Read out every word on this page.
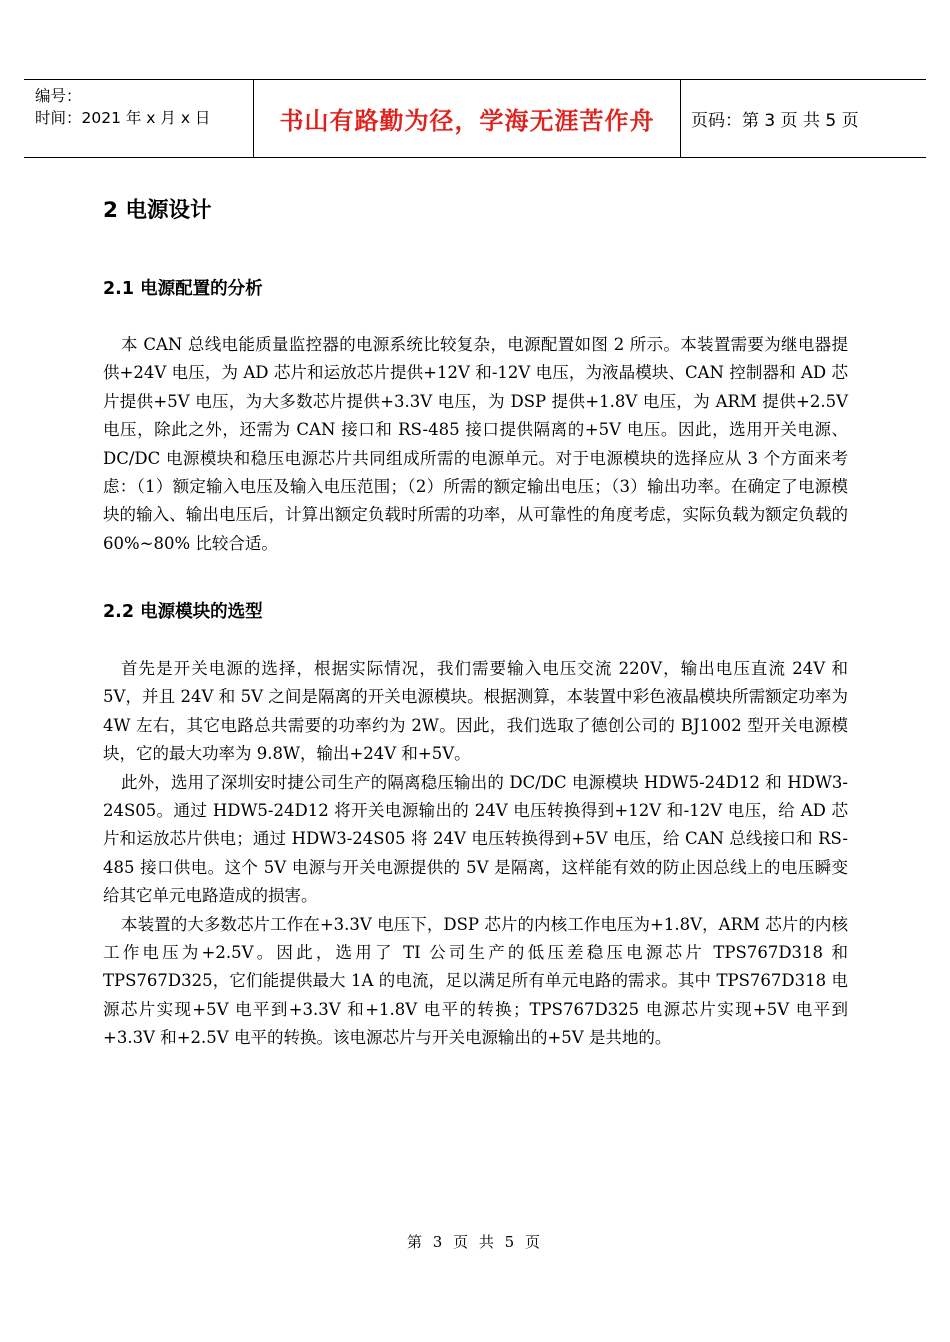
编号：
时间：2021 年 x 月 x 日	书山有路勤为径，学海无涯苦作舟 页码：第 3 页 共 5 页
2 电源设计
2.1 电源配置的分析

本 CAN 总线电能质量监控器的电源系统比较复杂，电源配置如图 2 所示。本装置需要为继电器提供+24V 电压，为 AD 芯片和运放芯片提供+12V 和-12V 电压，为液晶模块、CAN 控制器和 AD 芯片提供+5V 电压，为大多数芯片提供+3.3V 电压，为 DSP 提供+1.8V 电压，为 ARM 提供+2.5V 电压，除此之外，还需为 CAN 接口和 RS-485 接口提供隔离的+5V 电压。因此，选用开关电源、DC/DC 电源模块和稳压电源芯片共同组成所需的电源单元。对于电源模块的选择应从 3 个方面来考虑：（1）额定输入电压及输入电压范围；（2）所需的额定输出电压；（3）输出功率。在确定了电源模块的输入、输出电压后，计算出额定负载时所需的功率，从可靠性的角度考虑，实际负载为额定负载的 60%~80% 比较合适。

2.2 电源模块的选型

首先是开关电源的选择，根据实际情况，我们需要输入电压交流 220V，输出电压直流 24V 和 5V，并且 24V 和 5V 之间是隔离的开关电源模块。根据测算，本装置中彩色液晶模块所需额定功率为 4W 左右，其它电路总共需要的功率约为 2W。因此，我们选取了德创公司的 BJ1002 型开关电源模块，它的最大功率为 9.8W，输出+24V 和+5V。

此外，选用了深圳安时捷公司生产的隔离稳压输出的 DC/DC 电源模块 HDW5-24D12 和 HDW3-24S05。通过 HDW5-24D12 将开关电源输出的 24V 电压转换得到+12V 和-12V 电压，给 AD 芯片和运放芯片供电；通过 HDW3-24S05 将 24V 电压转换得到+5V 电压，给 CAN 总线接口和 RS-485 接口供电。这个 5V 电源与开关电源提供的 5V 是隔离，这样能有效的防止因总线上的电压瞬变给其它单元电路造成的损害。

本装置的大多数芯片工作在+3.3V 电压下，DSP 芯片的内核工作电压为+1.8V，ARM 芯片的内核工作电压为+2.5V。因此，选用了 TI 公司生产的低压差稳压电源芯片 TPS767D318 和 TPS767D325，它们能提供最大 1A 的电流，足以满足所有单元电路的需求。其中 TPS767D318 电源芯片实现+5V 电平到+3.3V 和+1.8V 电平的转换；TPS767D325 电源芯片实现+5V 电平到+3.3V 和+2.5V 电平的转换。该电源芯片与开关电源输出的+5V 是共地的。

第 3 页 共 5 页
